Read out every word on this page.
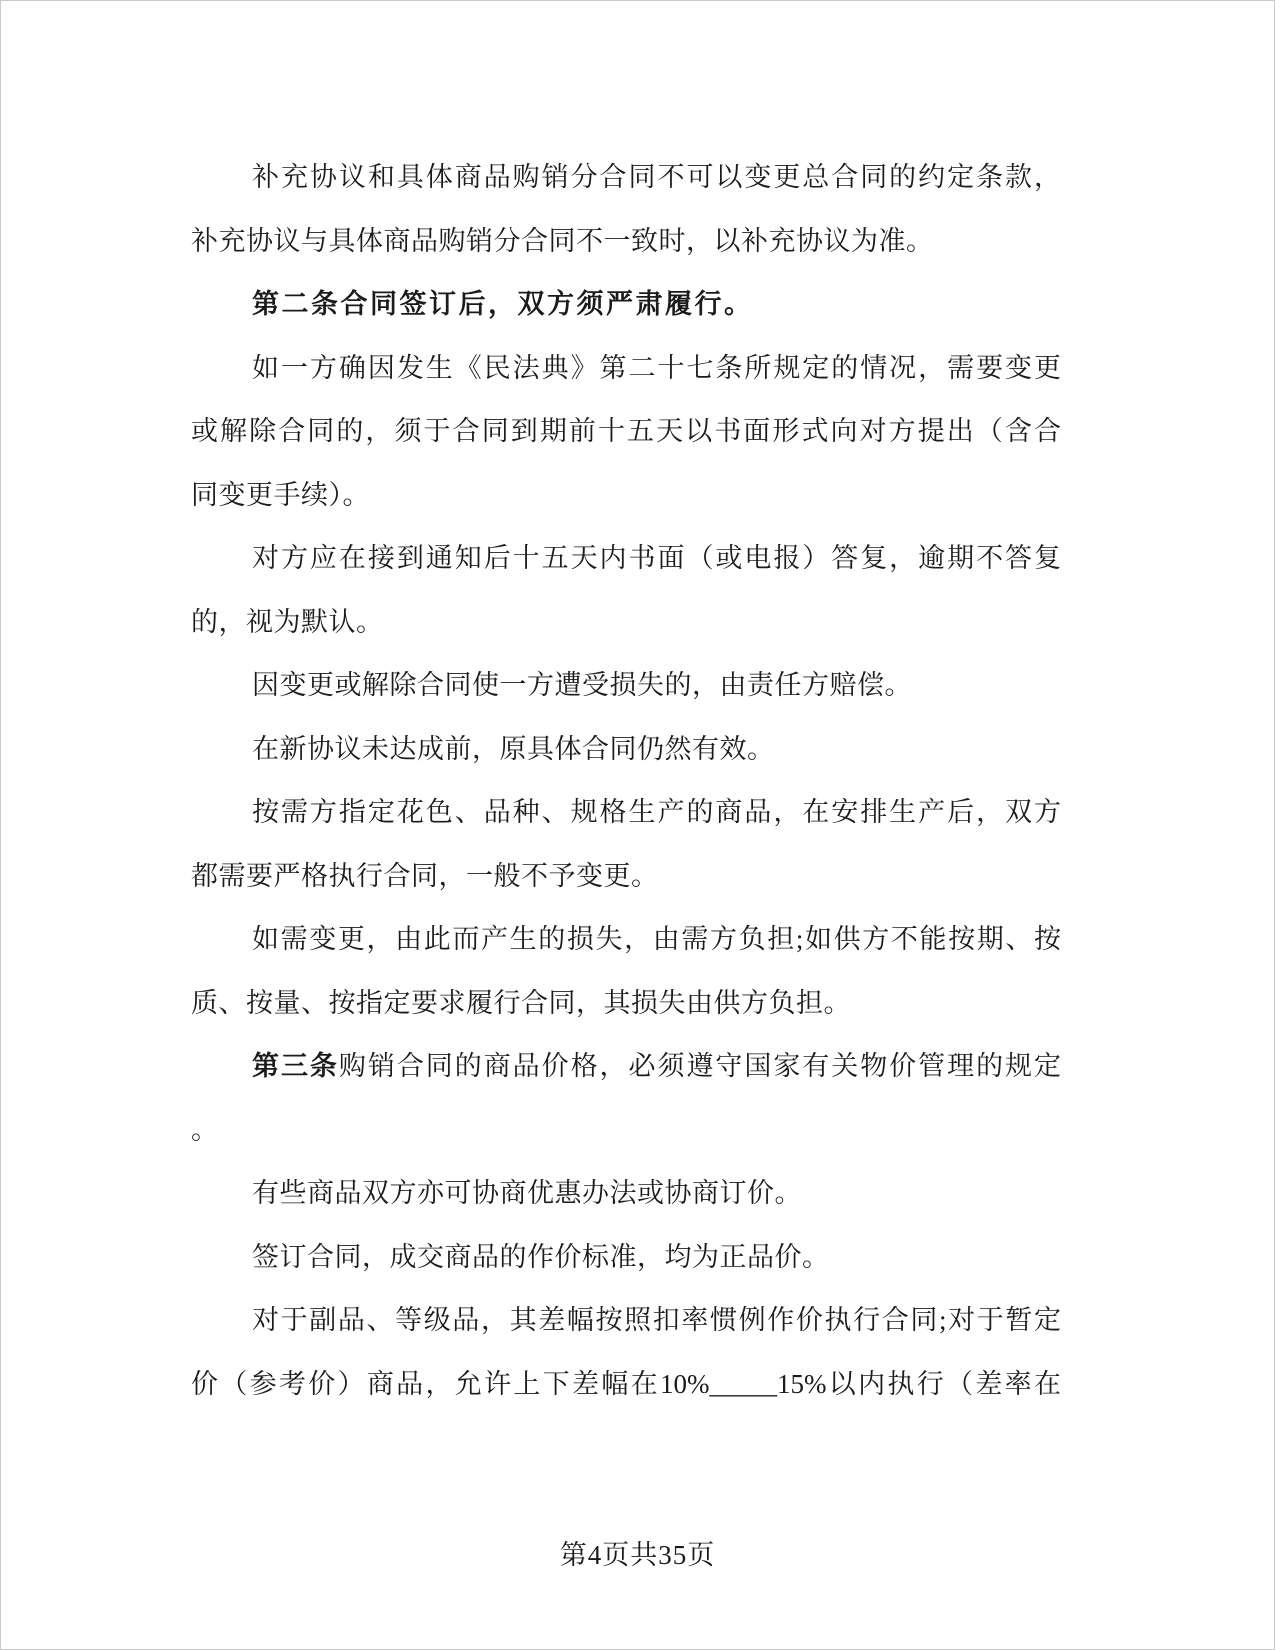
补充协议和具体商品购销分合同不可以变更总合同的约定条款，
补充协议与具体商品购销分合同不一致时，以补充协议为准。
第二条合同签订后，双方须严肃履行。
如一方确因发生《民法典》第二十七条所规定的情况，需要变更
或解除合同的，须于合同到期前十五天以书面形式向对方提出（含合
同变更手续）。
对方应在接到通知后十五天内书面（或电报）答复，逾期不答复
的，视为默认。
因变更或解除合同使一方遭受损失的，由责任方赔偿。
在新协议未达成前，原具体合同仍然有效。
按需方指定花色、品种、规格生产的商品，在安排生产后，双方
都需要严格执行合同，一般不予变更。
如需变更，由此而产生的损失，由需方负担;如供方不能按期、按
质、按量、按指定要求履行合同，其损失由供方负担。
第三条购销合同的商品价格，必须遵守国家有关物价管理的规定
。
有些商品双方亦可协商优惠办法或协商订价。
签订合同，成交商品的作价标准，均为正品价。
对于副品、等级品，其差幅按照扣率惯例作价执行合同;对于暂定
价（参考价）商品，允许上下差幅在10%_____15%以内执行（差率在
第4页共35页
